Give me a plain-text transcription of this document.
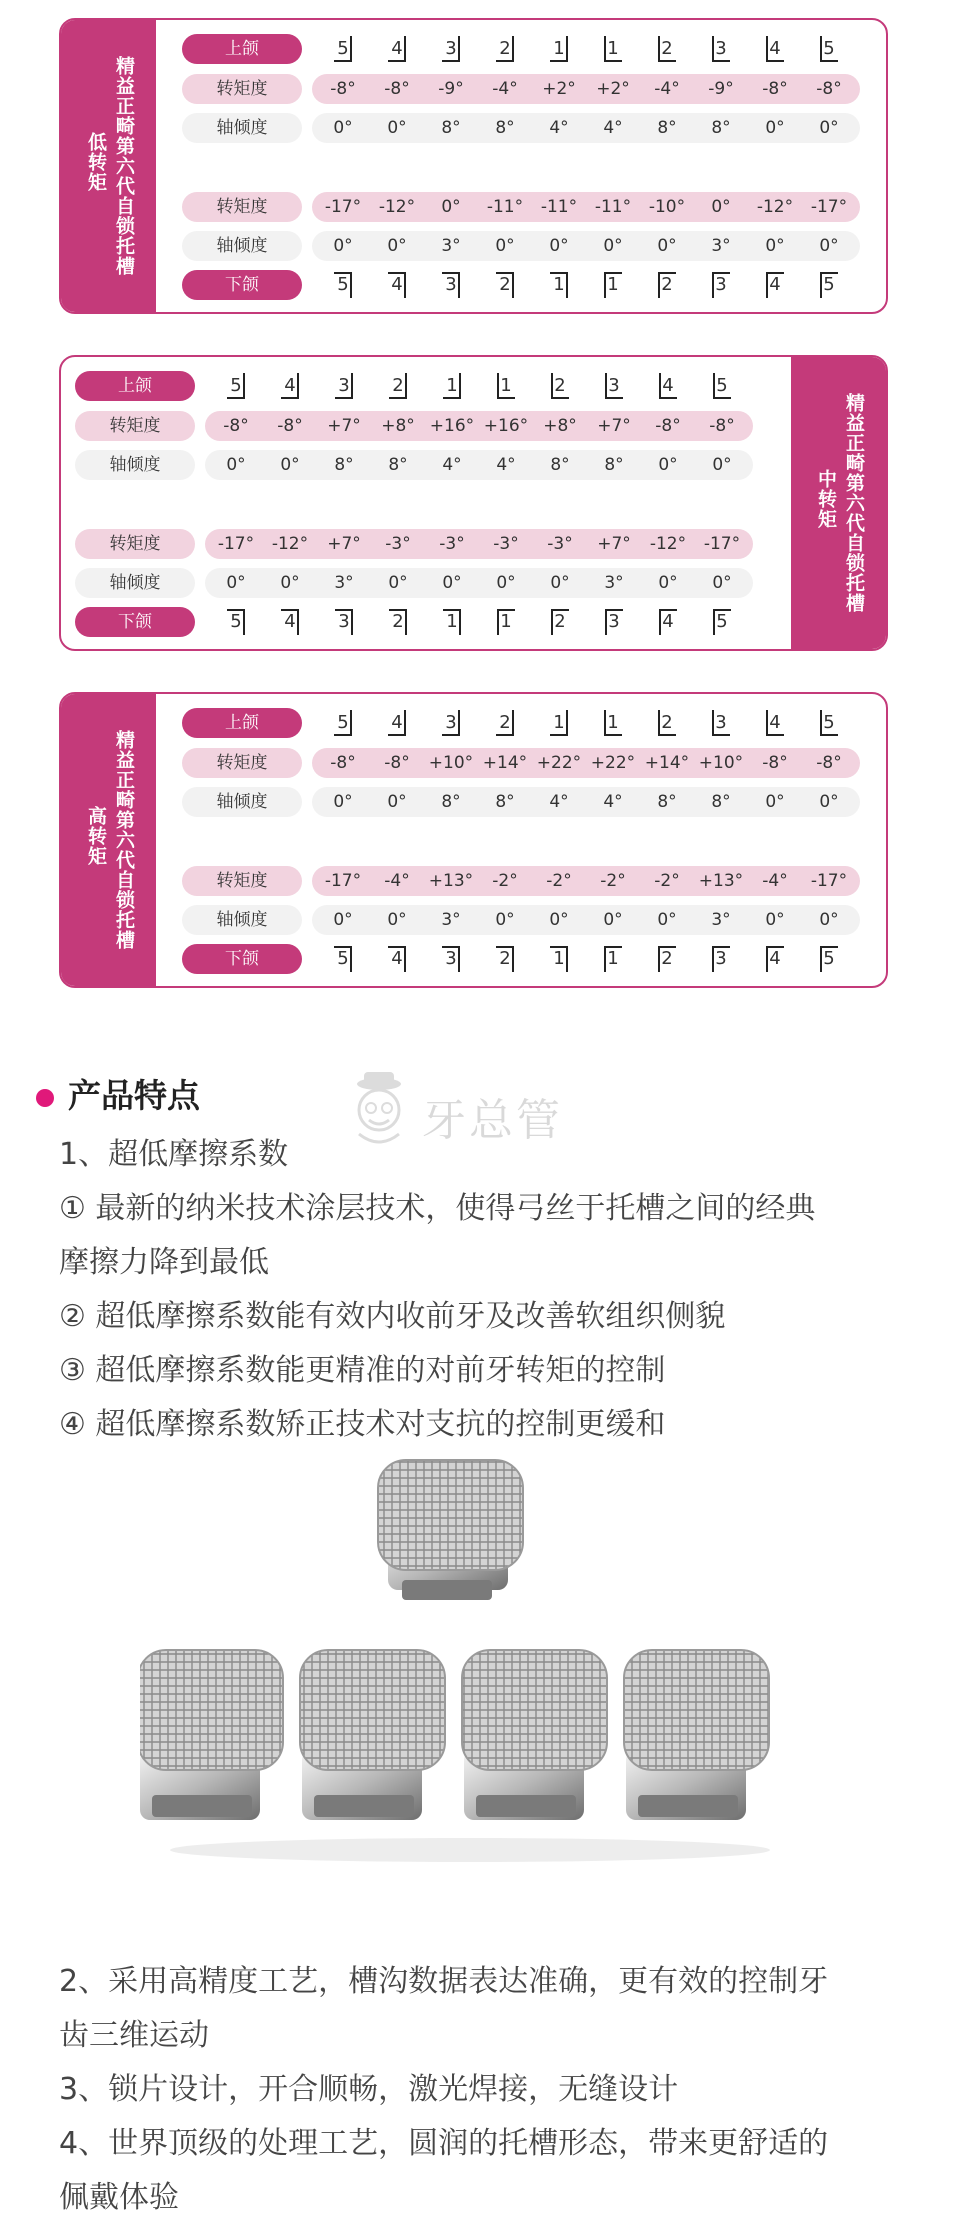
精益正畸第六代自锁托槽
低转矩
上颌	5	4	3	2	1	1	2	3	4	5
转矩度	-8°	-8°	-9°	-4°	+2°	+2°	-4°	-9°	-8°	-8°
轴倾度	0°	0°	8°	8°	4°	4°	8°	8°	0°	0°
转矩度	-17°	-12°	0°	-11°	-11°	-11°	-10°	0°	-12°	-17°
轴倾度	0°	0°	3°	0°	0°	0°	0°	3°	0°	0°
下颌	5	4	3	2	1	1	2	3	4	5
精益正畸第六代自锁托槽
中转矩
上颌	5	4	3	2	1	1	2	3	4	5
转矩度	-8°	-8°	+7°	+8° +16° +16° +8°	+7°	-8°	-8°
轴倾度	0°	0°	8°	8°	4°	4°	8°	8°	0°	0°
转矩度	-17°	-12°	+7°	-3°	-3°	-3°	-3°	+7°	-12°	-17°
轴倾度	0°	0°	3°	0°	0°	0°	0°	3°	0°	0°
下颌	5	4	3	2	1	1	2	3	4	5
精益正畸第六代自锁托槽
高转矩
上颌	5	4	3	2	1	1	2	3	4	5
转矩度	-8°	-8°	+10° +14° +22° +22° +14° +10°	-8°	-8°
轴倾度	0°	0°	8°	8°	4°	4°	8°	8°	0°	0°
转矩度	-17°	-4°	+13°	-2°	-2°	-2°	-2°	+13°	-4°	-17°
轴倾度	0°	0°	3°	0°	0°	0°	0°	3°	0°	0°
下颌	5	4	3	2	1	1	2	3	4	5
牙总管
产品特点
1、超低摩擦系数
① 最新的纳米技术涂层技术，使得弓丝于托槽之间的经典
摩擦力降到最低
② 超低摩擦系数能有效内收前牙及改善软组织侧貌
③ 超低摩擦系数能更精准的对前牙转矩的控制
④ 超低摩擦系数矫正技术对支抗的控制更缓和
2、采用高精度工艺，槽沟数据表达准确，更有效的控制牙
齿三维运动
3、锁片设计，开合顺畅，激光焊接，无缝设计
4、世界顶级的处理工艺，圆润的托槽形态，带来更舒适的
佩戴体验
